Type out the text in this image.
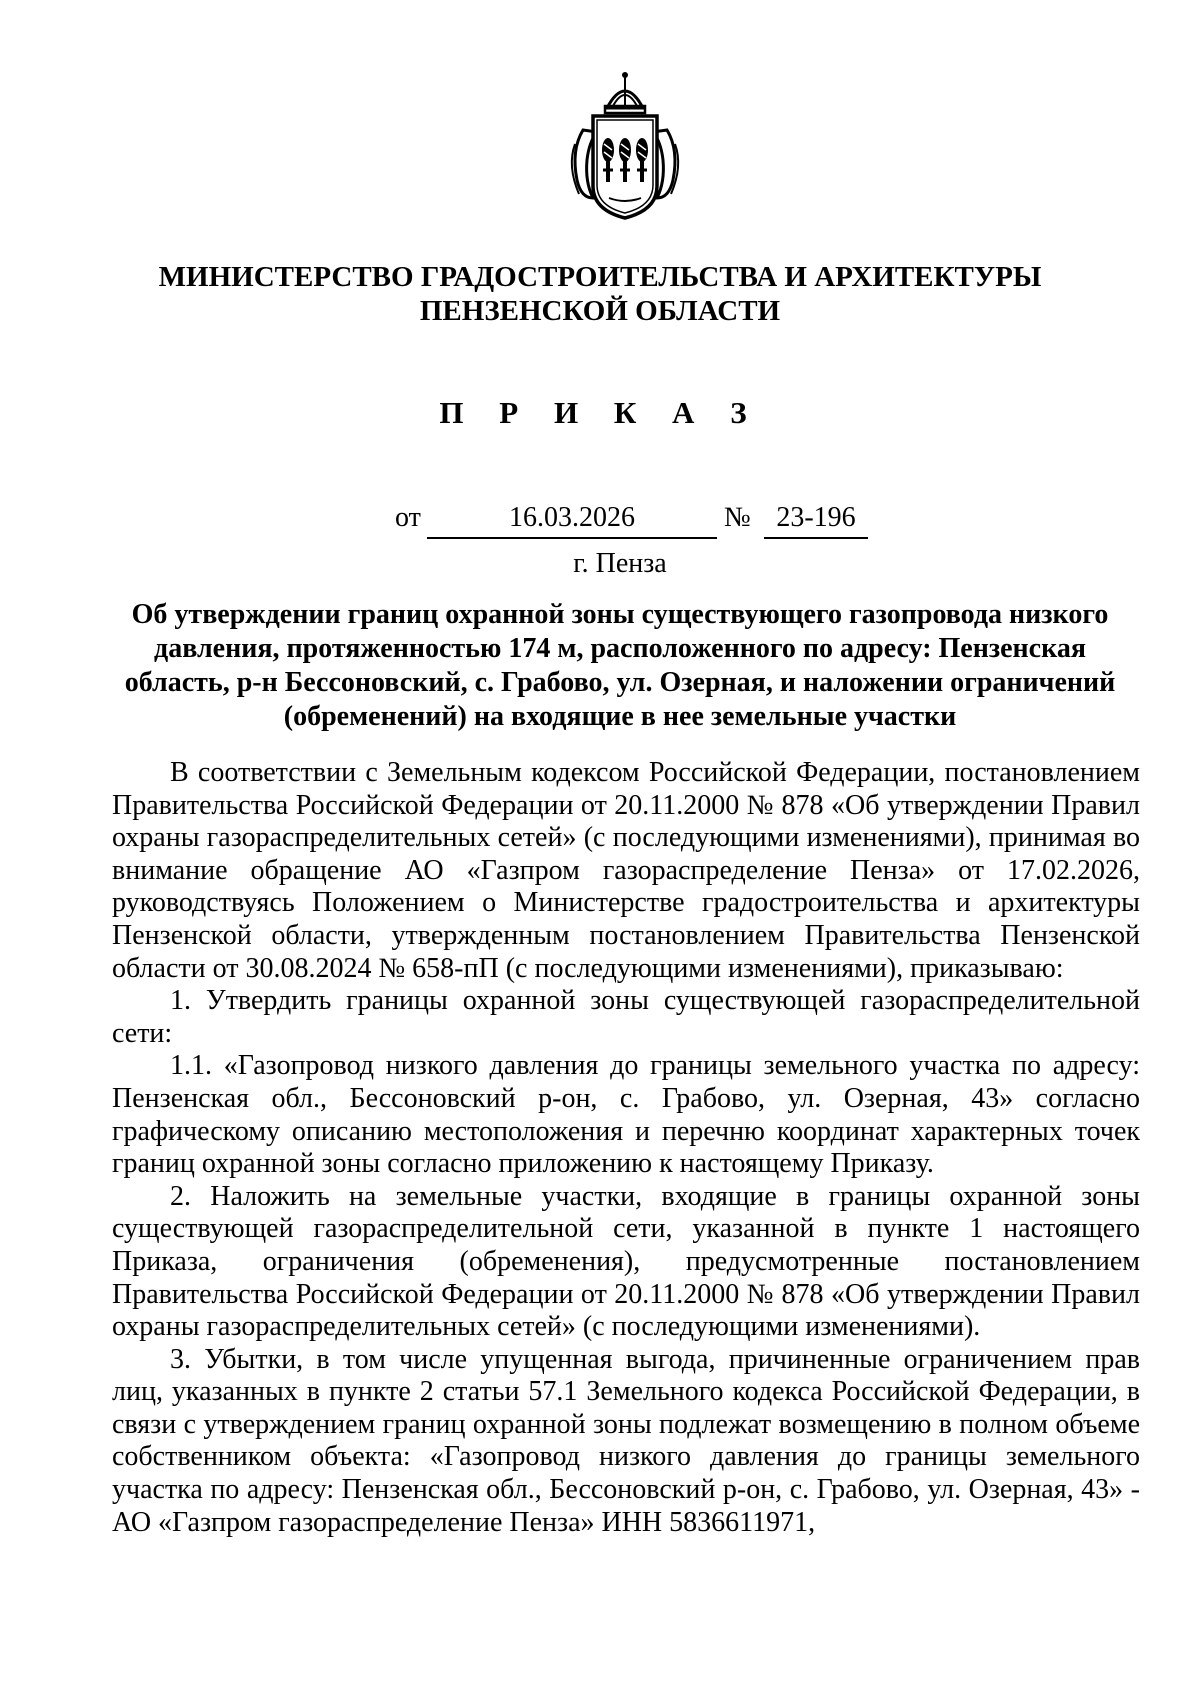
МИНИСТЕРСТВО ГРАДОСТРОИТЕЛЬСТВА И АРХИТЕКТУРЫ
ПЕНЗЕНСКОЙ ОБЛАСТИ
П Р И К А З
от	16.03.2026	№ 23-196
г. Пенза
Об утверждении границ охранной зоны существующего газопровода низкого давления, протяженностью 174 м, расположенного по адресу: Пензенская область, р-н Бессоновский, с. Грабово, ул. Озерная, и наложении ограничений (обременений) на входящие в нее земельные участки

В соответствии с Земельным кодексом Российской Федерации, постановлением Правительства Российской Федерации от 20.11.2000 № 878 «Об утверждении Правил охраны газораспределительных сетей» (с последующими изменениями), принимая во внимание обращение АО «Газпром газораспределение Пенза» от 17.02.2026, руководствуясь Положением о Министерстве градостроительства и архитектуры Пензенской области, утвержденным постановлением Правительства Пензенской области от 30.08.2024 № 658-пП (с последующими изменениями), приказываю:

1. Утвердить границы охранной зоны существующей газораспределительной сети:

1.1. «Газопровод низкого давления до границы земельного участка по адресу: Пензенская обл., Бессоновский р-он, с. Грабово, ул. Озерная, 43» согласно графическому описанию местоположения и перечню координат характерных точек границ охранной зоны согласно приложению к настоящему Приказу.

2. Наложить на земельные участки, входящие в границы охранной зоны существующей газораспределительной сети, указанной в пункте 1 настоящего Приказа, ограничения (обременения), предусмотренные постановлением Правительства Российской Федерации от 20.11.2000 № 878 «Об утверждении Правил охраны газораспределительных сетей» (с последующими изменениями).

3. Убытки, в том числе упущенная выгода, причиненные ограничением прав лиц, указанных в пункте 2 статьи 57.1 Земельного кодекса Российской Федерации, в связи с утверждением границ охранной зоны подлежат возмещению в полном объеме собственником объекта: «Газопровод низкого давления до границы земельного участка по адресу: Пензенская обл., Бессоновский р-он, с. Грабово, ул. Озерная, 43» - АО «Газпром газораспределение Пенза» ИНН 5836611971,
